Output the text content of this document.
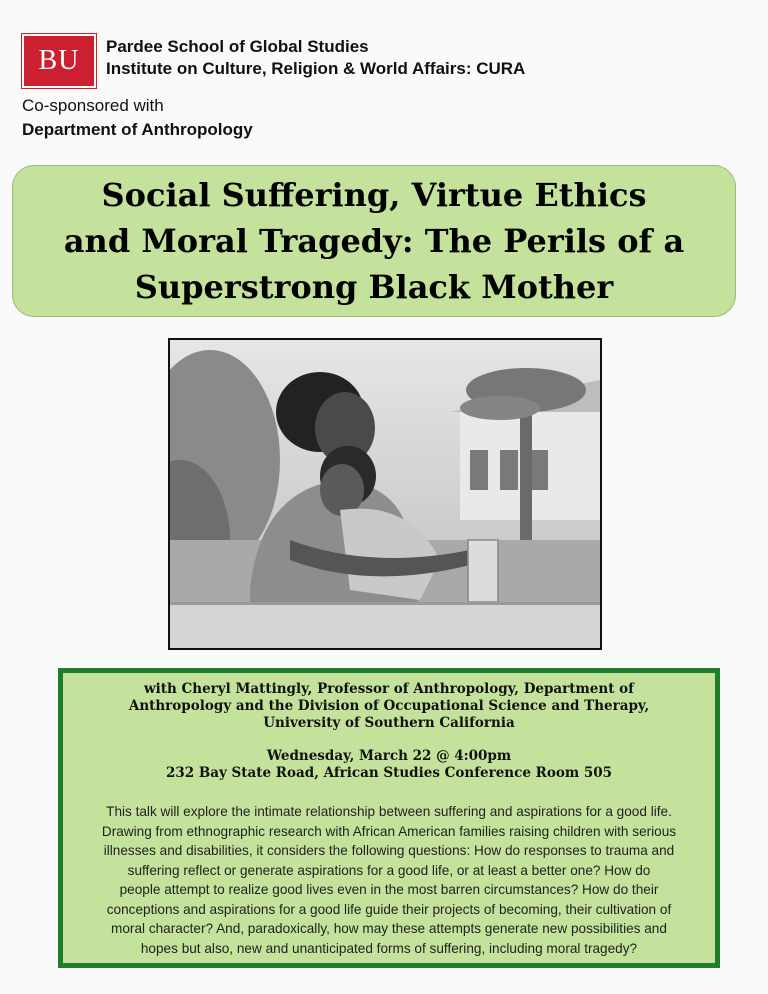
BU	Pardee School of Global Studies
Institute on Culture, Religion & World Affairs: CURA
Co-sponsored with
Department of Anthropology
Social Suffering, Virtue Ethics
and Moral Tragedy: The Perils of a
Superstrong Black Mother
with Cheryl Mattingly, Professor of Anthropology, Department of
Anthropology and the Division of Occupational Science and Therapy,
University of Southern California
Wednesday, March 22 @ 4:00pm
232 Bay State Road, African Studies Conference Room 505
This talk will explore the intimate relationship between suffering and aspirations for a good life.
Drawing from ethnographic research with African American families raising children with serious
illnesses and disabilities, it considers the following questions: How do responses to trauma and
suffering reflect or generate aspirations for a good life, or at least a better one? How do
people attempt to realize good lives even in the most barren circumstances? How do their
conceptions and aspirations for a good life guide their projects of becoming, their cultivation of
moral character? And, paradoxically, how may these attempts generate new possibilities and
hopes but also, new and unanticipated forms of suffering, including moral tragedy?
